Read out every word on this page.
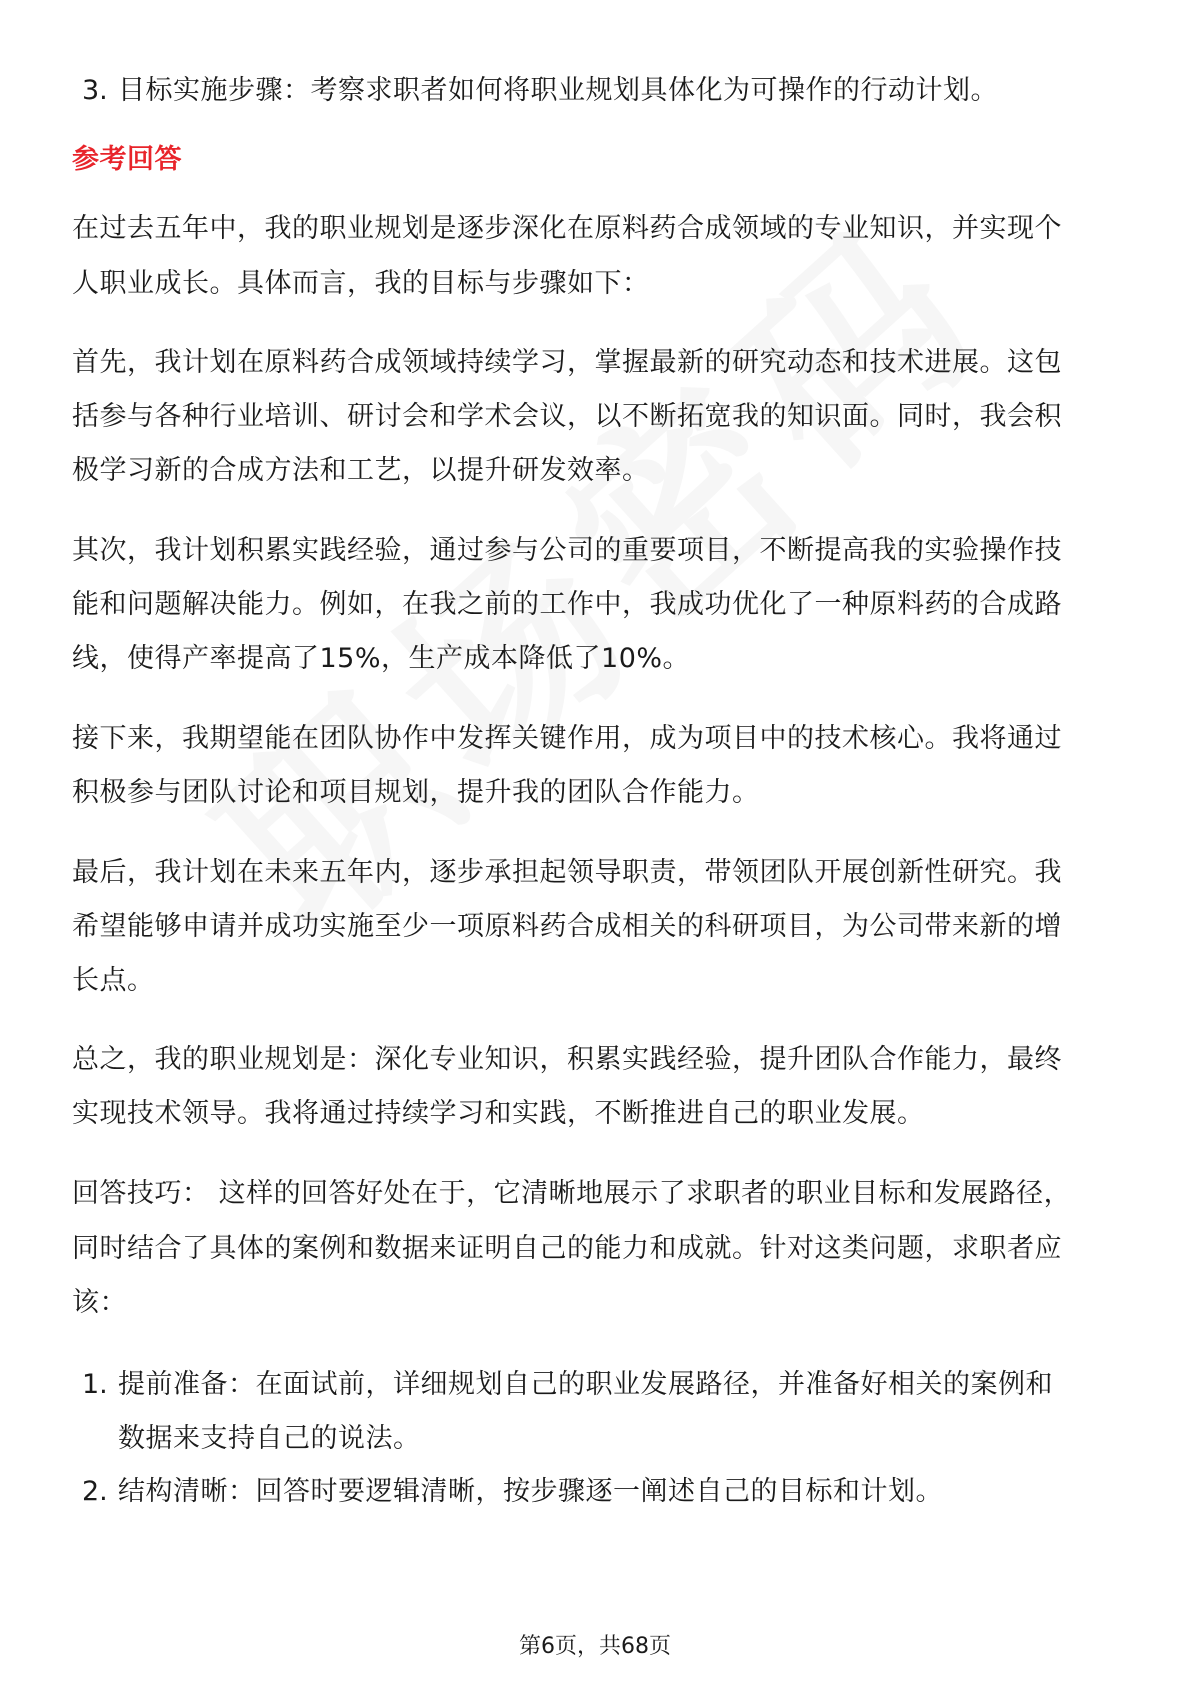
3. 目标实施步骤：考察求职者如何将职业规划具体化为可操作的行动计划。
参考回答
在过去五年中，我的职业规划是逐步深化在原料药合成领域的专业知识，并实现个
人职业成长。具体而言，我的目标与步骤如下：
首先，我计划在原料药合成领域持续学习，掌握最新的研究动态和技术进展。这包
括参与各种行业培训、研讨会和学术会议，以不断拓宽我的知识面。同时，我会积
极学习新的合成方法和工艺，以提升研发效率。
其次，我计划积累实践经验，通过参与公司的重要项目，不断提高我的实验操作技
能和问题解决能力。例如，在我之前的工作中，我成功优化了一种原料药的合成路
线，使得产率提高了15%，生产成本降低了10%。
接下来，我期望能在团队协作中发挥关键作用，成为项目中的技术核心。我将通过
积极参与团队讨论和项目规划，提升我的团队合作能力。
最后，我计划在未来五年内，逐步承担起领导职责，带领团队开展创新性研究。我
希望能够申请并成功实施至少一项原料药合成相关的科研项目，为公司带来新的增
长点。
总之，我的职业规划是：深化专业知识，积累实践经验，提升团队合作能力，最终
实现技术领导。我将通过持续学习和实践，不断推进自己的职业发展。
回答技巧： 这样的回答好处在于，它清晰地展示了求职者的职业目标和发展路径，
同时结合了具体的案例和数据来证明自己的能力和成就。针对这类问题，求职者应
该：
1. 提前准备：在面试前，详细规划自己的职业发展路径，并准备好相关的案例和
数据来支持自己的说法。
2. 结构清晰：回答时要逻辑清晰，按步骤逐一阐述自己的目标和计划。
第6页，共68页
